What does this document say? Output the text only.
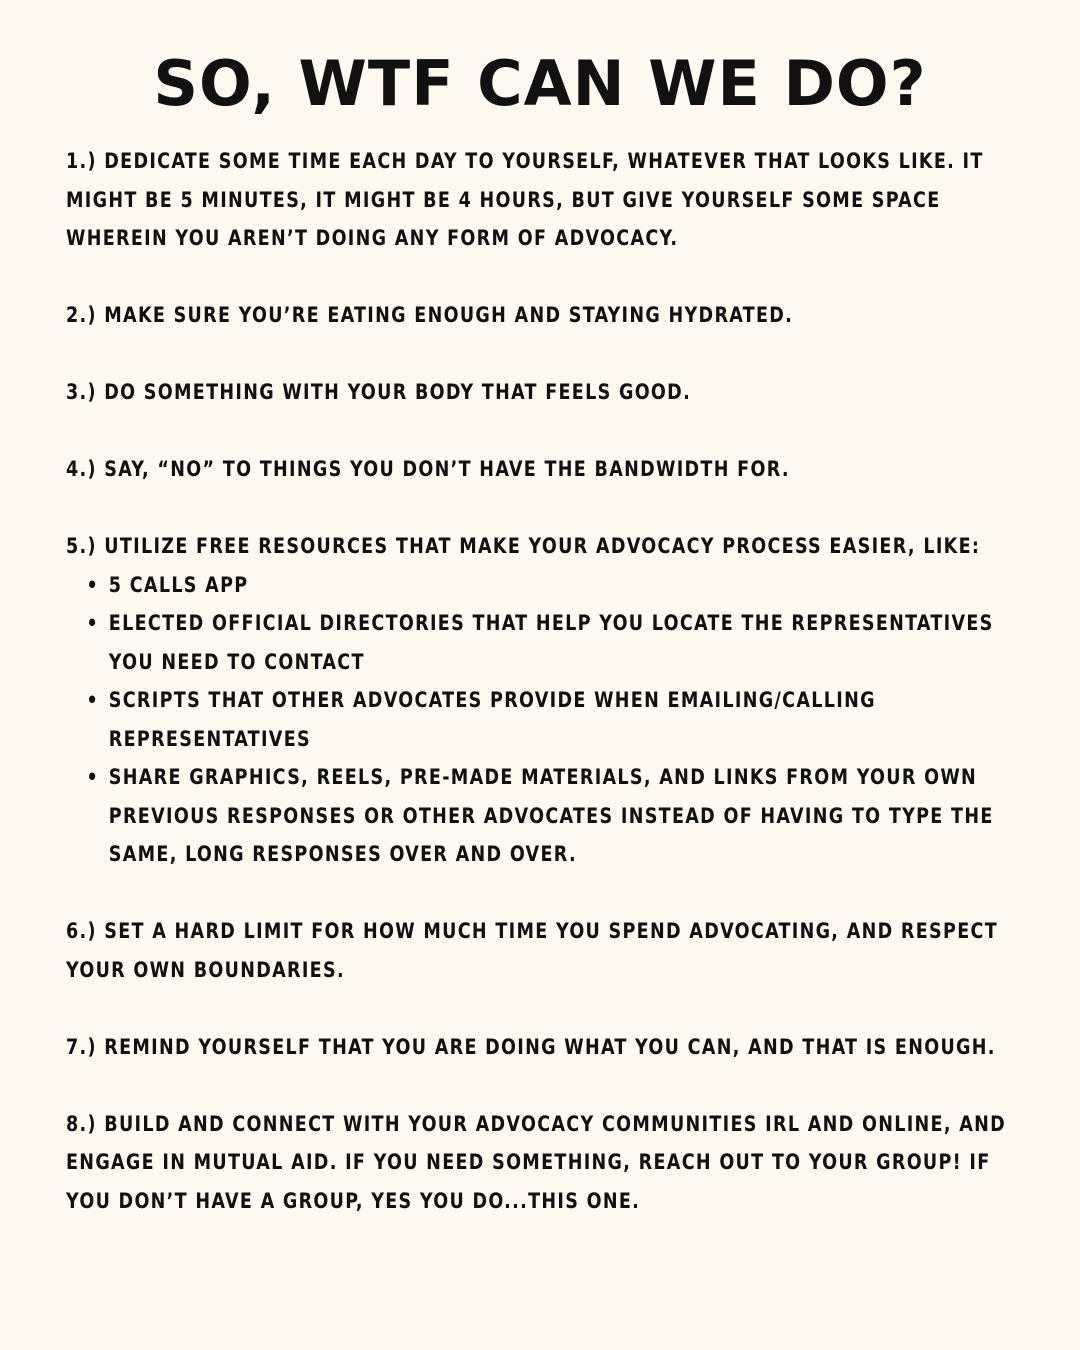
SO, WTF CAN WE DO?

1.) DEDICATE SOME TIME EACH DAY TO YOURSELF, WHATEVER THAT LOOKS LIKE. IT MIGHT BE 5 MINUTES, IT MIGHT BE 4 HOURS, BUT GIVE YOURSELF SOME SPACE WHEREIN YOU AREN’T DOING ANY FORM OF ADVOCACY.

2.) MAKE SURE YOU’RE EATING ENOUGH AND STAYING HYDRATED.

3.) DO SOMETHING WITH YOUR BODY THAT FEELS GOOD.

4.) SAY, “NO” TO THINGS YOU DON’T HAVE THE BANDWIDTH FOR.

5.) UTILIZE FREE RESOURCES THAT MAKE YOUR ADVOCACY PROCESS EASIER, LIKE:
• 5 CALLS APP
• ELECTED OFFICIAL DIRECTORIES THAT HELP YOU LOCATE THE REPRESENTATIVES YOU NEED TO CONTACT
• SCRIPTS THAT OTHER ADVOCATES PROVIDE WHEN EMAILING/CALLING REPRESENTATIVES
• SHARE GRAPHICS, REELS, PRE-MADE MATERIALS, AND LINKS FROM YOUR OWN PREVIOUS RESPONSES OR OTHER ADVOCATES INSTEAD OF HAVING TO TYPE THE SAME, LONG RESPONSES OVER AND OVER.

6.) SET A HARD LIMIT FOR HOW MUCH TIME YOU SPEND ADVOCATING, AND RESPECT YOUR OWN BOUNDARIES.

7.) REMIND YOURSELF THAT YOU ARE DOING WHAT YOU CAN, AND THAT IS ENOUGH.

8.) BUILD AND CONNECT WITH YOUR ADVOCACY COMMUNITIES IRL AND ONLINE, AND ENGAGE IN MUTUAL AID. IF YOU NEED SOMETHING, REACH OUT TO YOUR GROUP! IF YOU DON’T HAVE A GROUP, YES YOU DO...THIS ONE.
